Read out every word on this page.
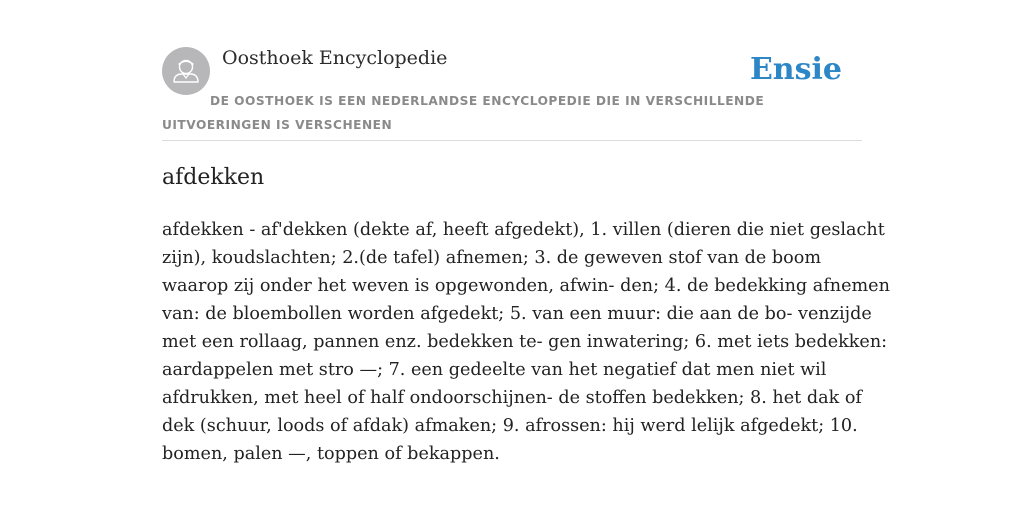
Oosthoek Encyclopedie	Ensie
DE OOSTHOEK IS EEN NEDERLANDSE ENCYCLOPEDIE DIE IN VERSCHILLENDE UITVOERINGEN IS VERSCHENEN
afdekken
afdekken - af'dekken (dekte af, heeft afgedekt), 1. villen (dieren die niet geslacht
zijn), koudslachten; 2.(de tafel) afnemen; 3. de geweven stof van de boom
waarop zij onder het weven is opgewonden, afwin- den; 4. de bedekking afnemen
van: de bloembollen worden afgedekt; 5. van een muur: die aan de bo- venzijde
met een rollaag, pannen enz. bedekken te- gen inwatering; 6. met iets bedekken:
aardappelen met stro —; 7. een gedeelte van het negatief dat men niet wil
afdrukken, met heel of half ondoorschijnen- de stoffen bedekken; 8. het dak of
dek (schuur, loods of afdak) afmaken; 9. afrossen: hij werd lelijk afgedekt; 10.
bomen, palen —, toppen of bekappen.
